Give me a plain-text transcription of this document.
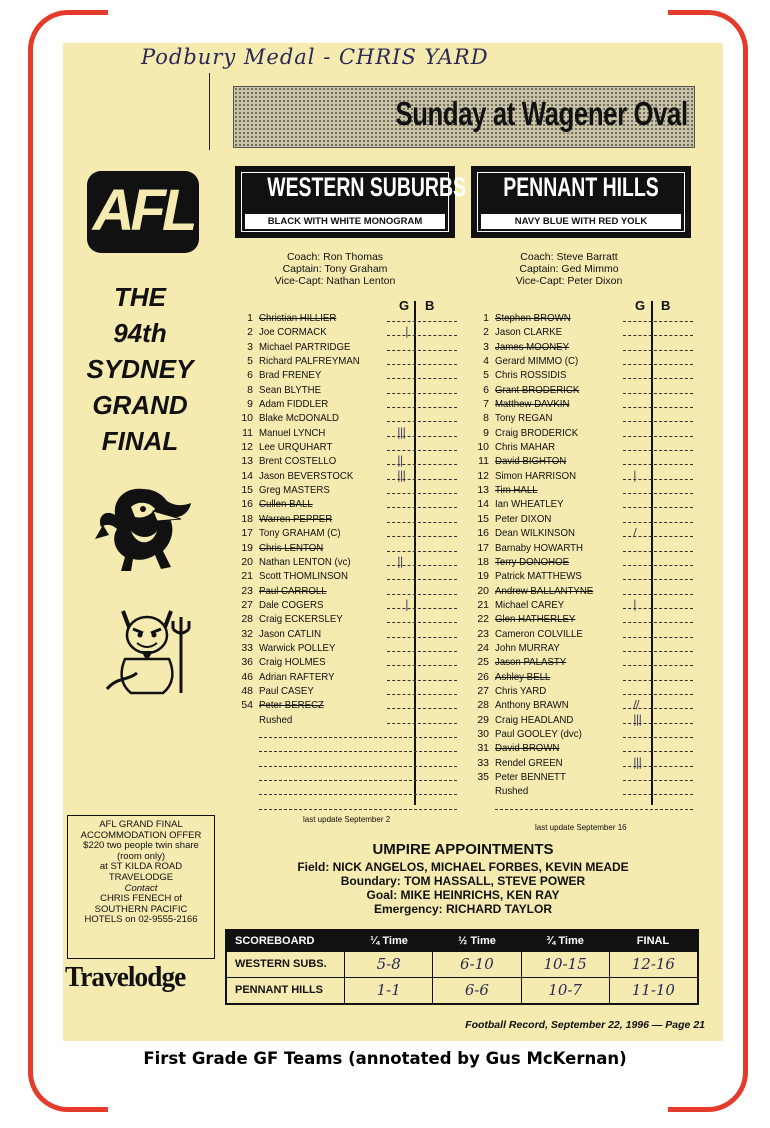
Podbury Medal - CHRIS YARD
Sunday at Wagener Oval
AFL
THE
94th
SYDNEY
GRAND
FINAL
WESTERN SUBURBS
BLACK WITH WHITE MONOGRAM
PENNANT HILLS
NAVY BLUE WITH RED YOLK
Coach: Ron Thomas
Captain: Tony Graham
Vice-Capt: Nathan Lenton
Coach: Steve Barratt
Captain: Ged Mimmo
Vice-Capt: Peter Dixon
G B	G B
1 Christian HILLIER
2 Joe CORMACK	|
3 Michael PARTRIDGE
5 Richard PALFREYMAN
6 Brad FRENEY
8 Sean BLYTHE
9 Adam FIDDLER
10 Blake McDONALD
11 Manuel LYNCH	|||
12 Lee URQUHART
13 Brent COSTELLO	||
14 Jason BEVERSTOCK	|||
15 Greg MASTERS
16 Cullen BALL
18 Warren PEPPER
17 Tony GRAHAM (C)
19 Chris LENTON
20 Nathan LENTON (vc)	||
21 Scott THOMLINSON
23 Paul CARROLL
27 Dale COGERS	|
28 Craig ECKERSLEY
32 Jason CATLIN
33 Warwick POLLEY
36 Craig HOLMES
46 Adrian RAFTERY
48 Paul CASEY
54 Peter BERECZ
Rushed
1 Stephen BROWN
2 Jason CLARKE
3 James MOONEY
4 Gerard MIMMO (C)
5 Chris ROSSIDIS
6 Grant BRODERICK
7 Matthew DAVKIN
8 Tony REGAN
9 Craig BRODERICK
10 Chris MAHAR
11 David BIGHTON
12 Simon HARRISON	|
13 Tim HALL
14 Ian WHEATLEY
15 Peter DIXON
16 Dean WILKINSON	/
17 Barnaby HOWARTH
18 Terry DONOHOE
19 Patrick MATTHEWS
20 Andrew BALLANTYNE
21 Michael CAREY	|
22 Glen HATHERLEY
23 Cameron COLVILLE
24 John MURRAY
25 Jason PALASTY
26 Ashley BELL
27 Chris YARD
28 Anthony BRAWN	//
29 Craig HEADLAND	|||
30 Paul GOOLEY (dvc)
31 David BROWN
33 Rendel GREEN	|||
35 Peter BENNETT
Rushed
last update September 2
last update September 16
AFL GRAND FINAL
ACCOMMODATION OFFER
$220 two people twin share
(room only)
at ST KILDA ROAD
TRAVELODGE
Contact
CHRIS FENECH of
SOUTHERN PACIFIC
HOTELS on 02-9555-2166
Travelodge
UMPIRE APPOINTMENTS
Field: NICK ANGELOS, MICHAEL FORBES, KEVIN MEADE
Boundary: TOM HASSALL, STEVE POWER
Goal: MIKE HEINRICHS, KEN RAY
Emergency: RICHARD TAYLOR
SCOREBOARD	¼ Time	½ Time	¾ Time	FINAL
WESTERN SUBS.	5-8	6-10	10-15	12-16
PENNANT HILLS	1-1	6-6	10-7	11-10
Football Record, September 22, 1996 — Page 21
First Grade GF Teams (annotated by Gus McKernan)
